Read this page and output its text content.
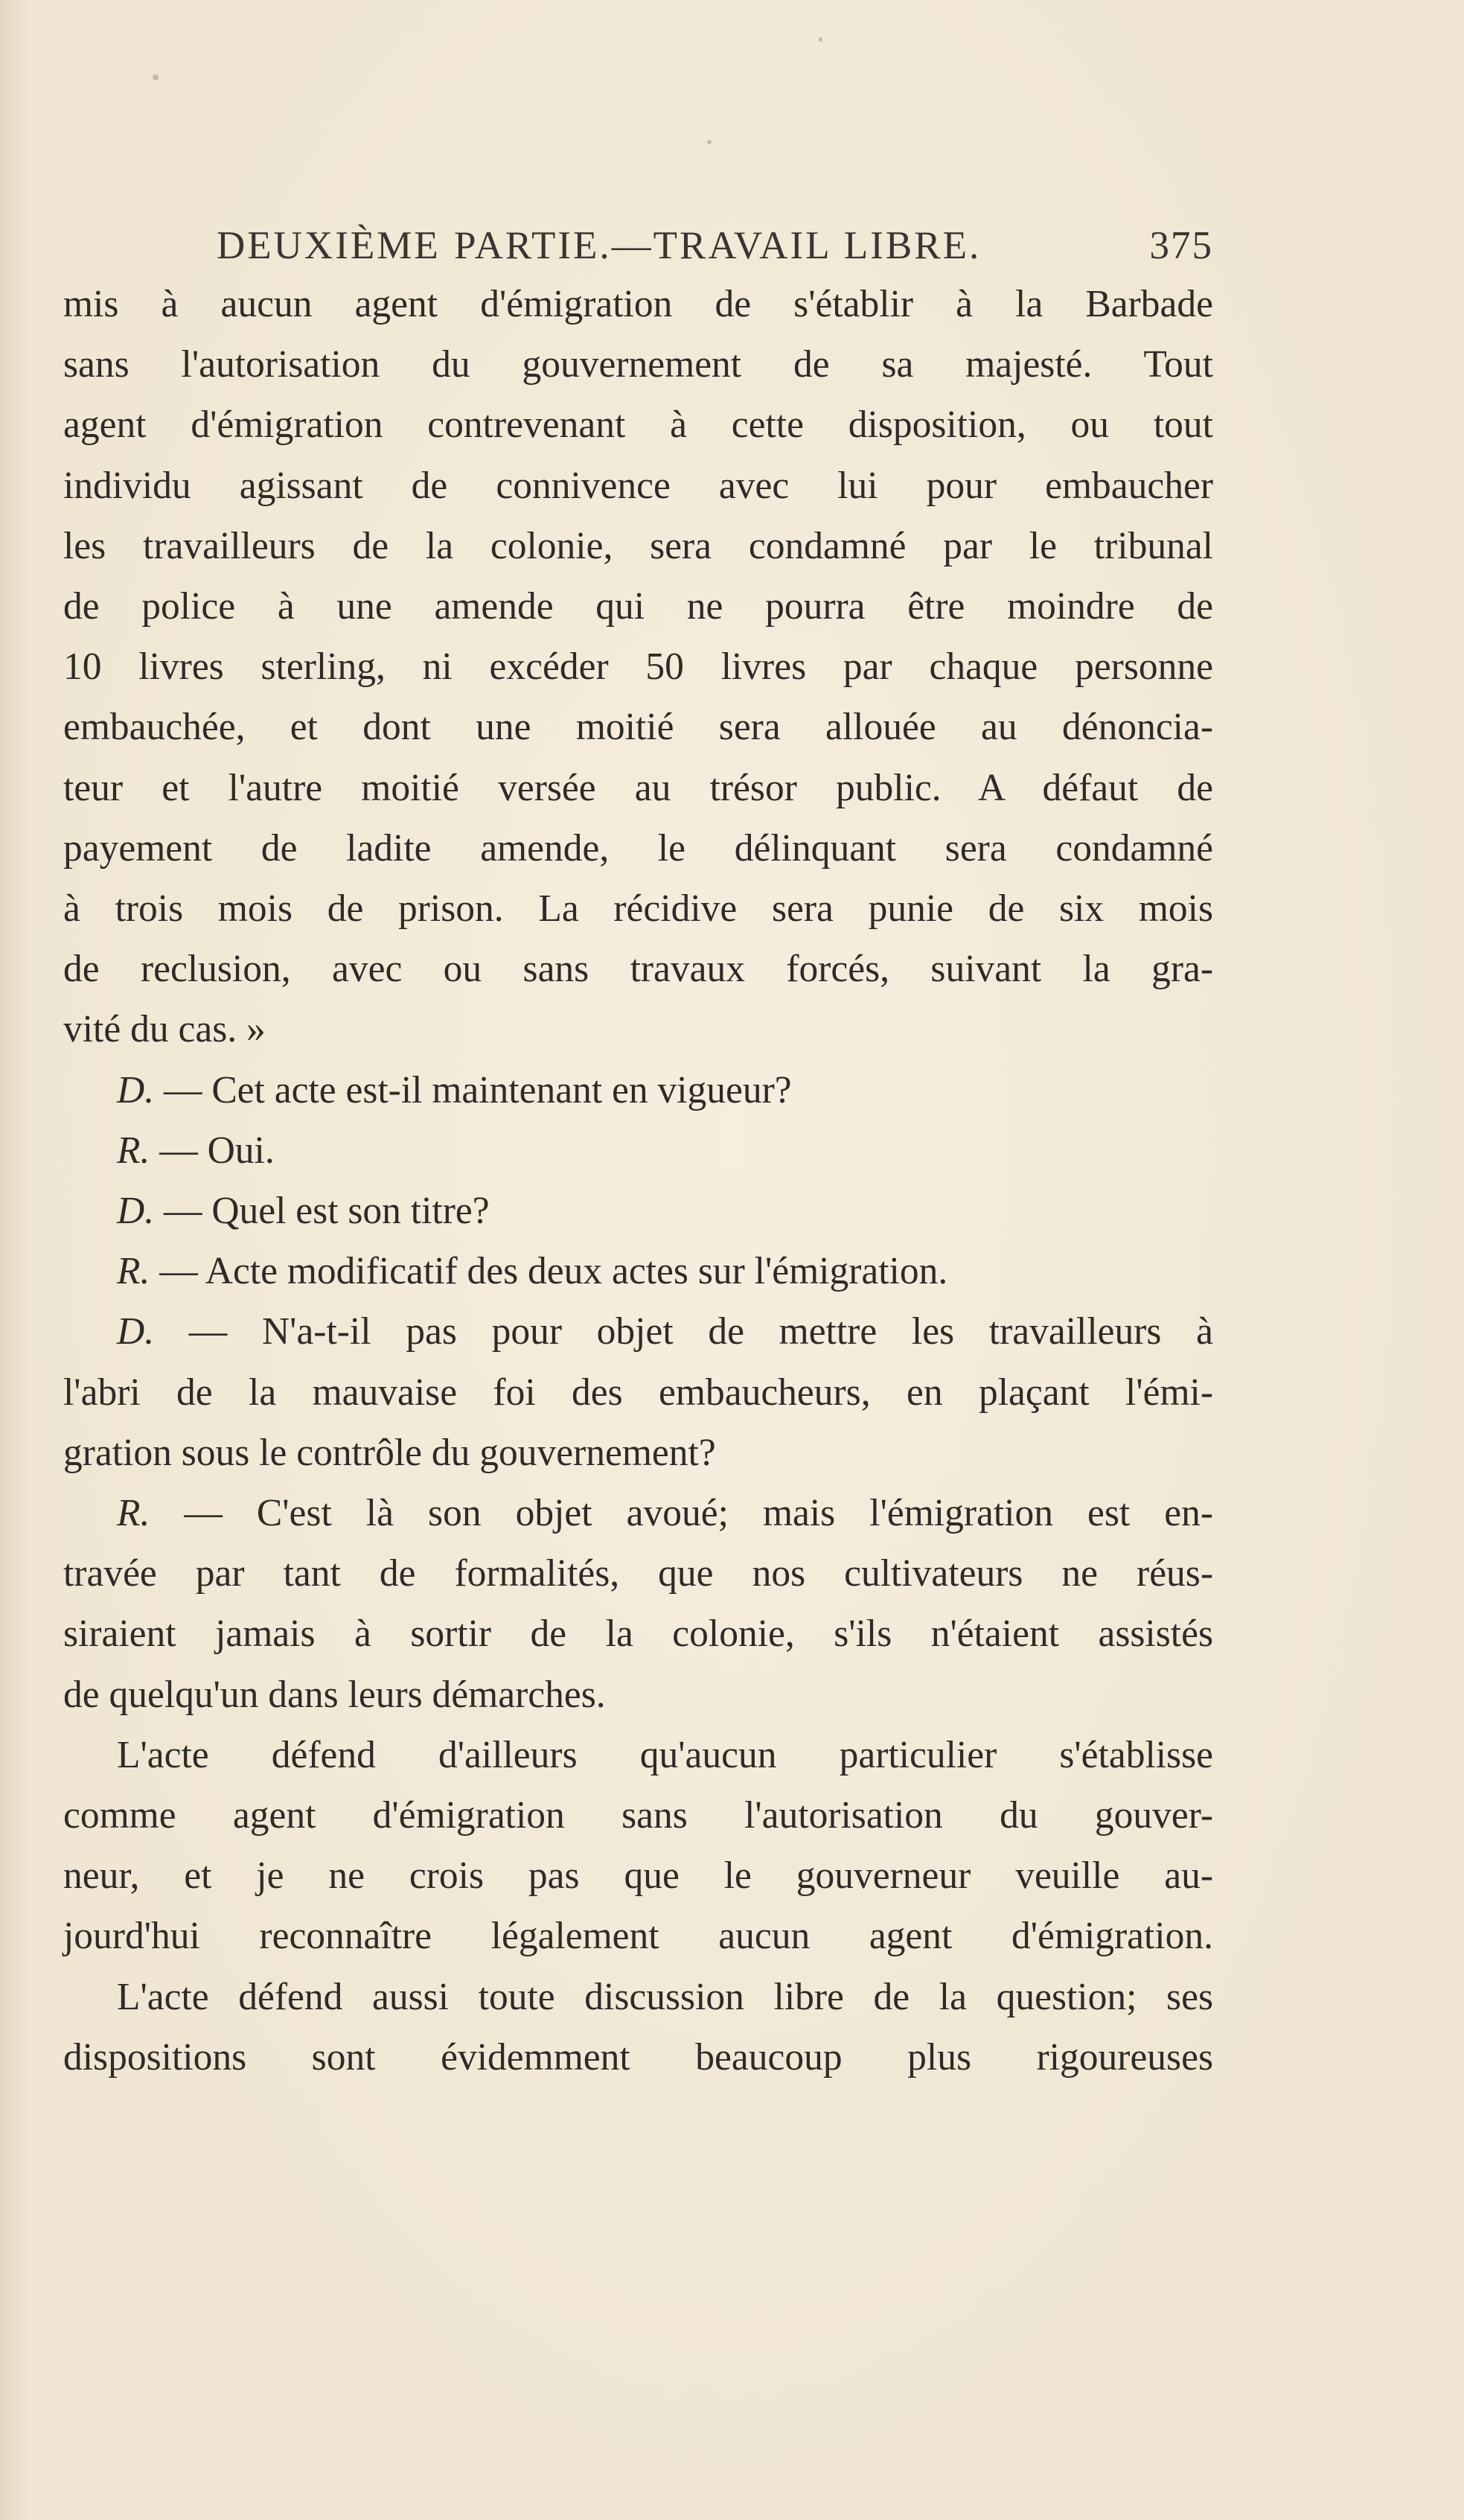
DEUXIÈME PARTIE.—TRAVAIL LIBRE.	375
mis à aucun agent d'émigration de s'établir à la Barbade
sans l'autorisation du gouvernement de sa majesté. Tout
agent d'émigration contrevenant à cette disposition, ou tout
individu agissant de connivence avec lui pour embaucher
les travailleurs de la colonie, sera condamné par le tribunal
de police à une amende qui ne pourra être moindre de
10 livres sterling, ni excéder 50 livres par chaque personne
embauchée, et dont une moitié sera allouée au dénoncia-
teur et l'autre moitié versée au trésor public. A défaut de
payement de ladite amende, le délinquant sera condamné
à trois mois de prison. La récidive sera punie de six mois
de reclusion, avec ou sans travaux forcés, suivant la gra-
vité du cas. »
D. — Cet acte est-il maintenant en vigueur?
R. — Oui.
D. — Quel est son titre?
R. — Acte modificatif des deux actes sur l'émigration.
D. — N'a-t-il pas pour objet de mettre les travailleurs à
l'abri de la mauvaise foi des embaucheurs, en plaçant l'émi-
gration sous le contrôle du gouvernement?
R. — C'est là son objet avoué; mais l'émigration est en-
travée par tant de formalités, que nos cultivateurs ne réus-
siraient jamais à sortir de la colonie, s'ils n'étaient assistés
de quelqu'un dans leurs démarches.
L'acte défend d'ailleurs qu'aucun particulier s'établisse
comme agent d'émigration sans l'autorisation du gouver-
neur, et je ne crois pas que le gouverneur veuille au-
jourd'hui reconnaître légalement aucun agent d'émigration.
L'acte défend aussi toute discussion libre de la question; ses
dispositions sont évidemment beaucoup plus rigoureuses
